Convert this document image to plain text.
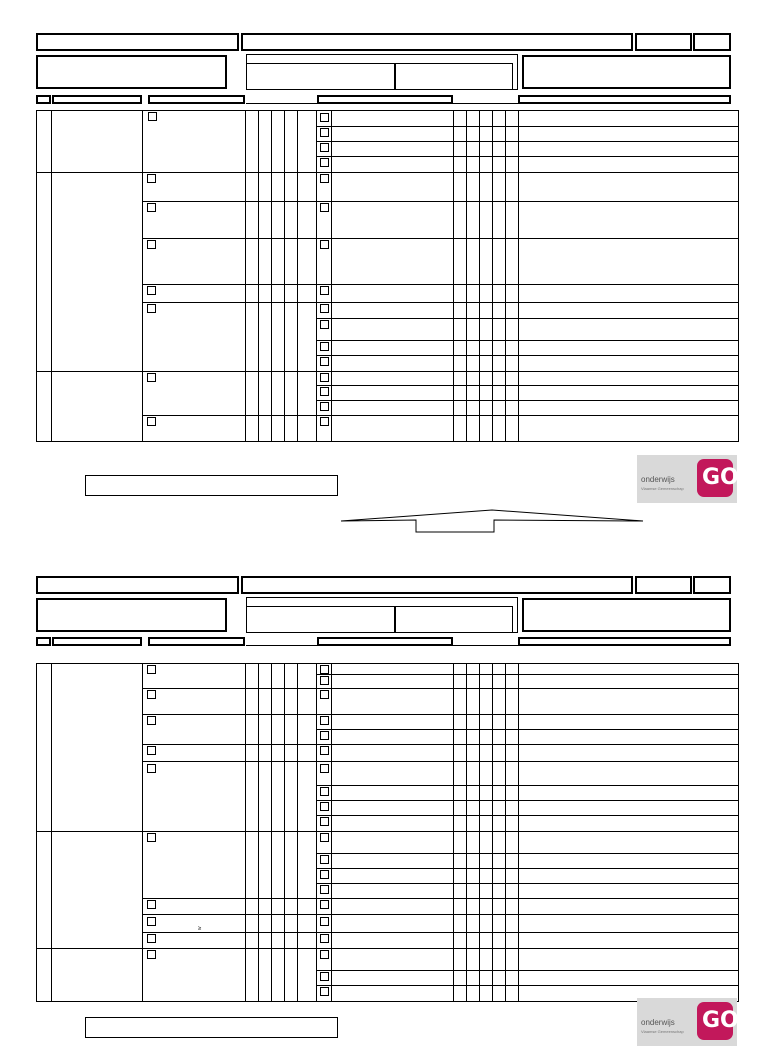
’
onderwijs
Vlaamse Gemeenschap GO!
’
≥
onderwijs
Vlaamse Gemeenschap GO!
